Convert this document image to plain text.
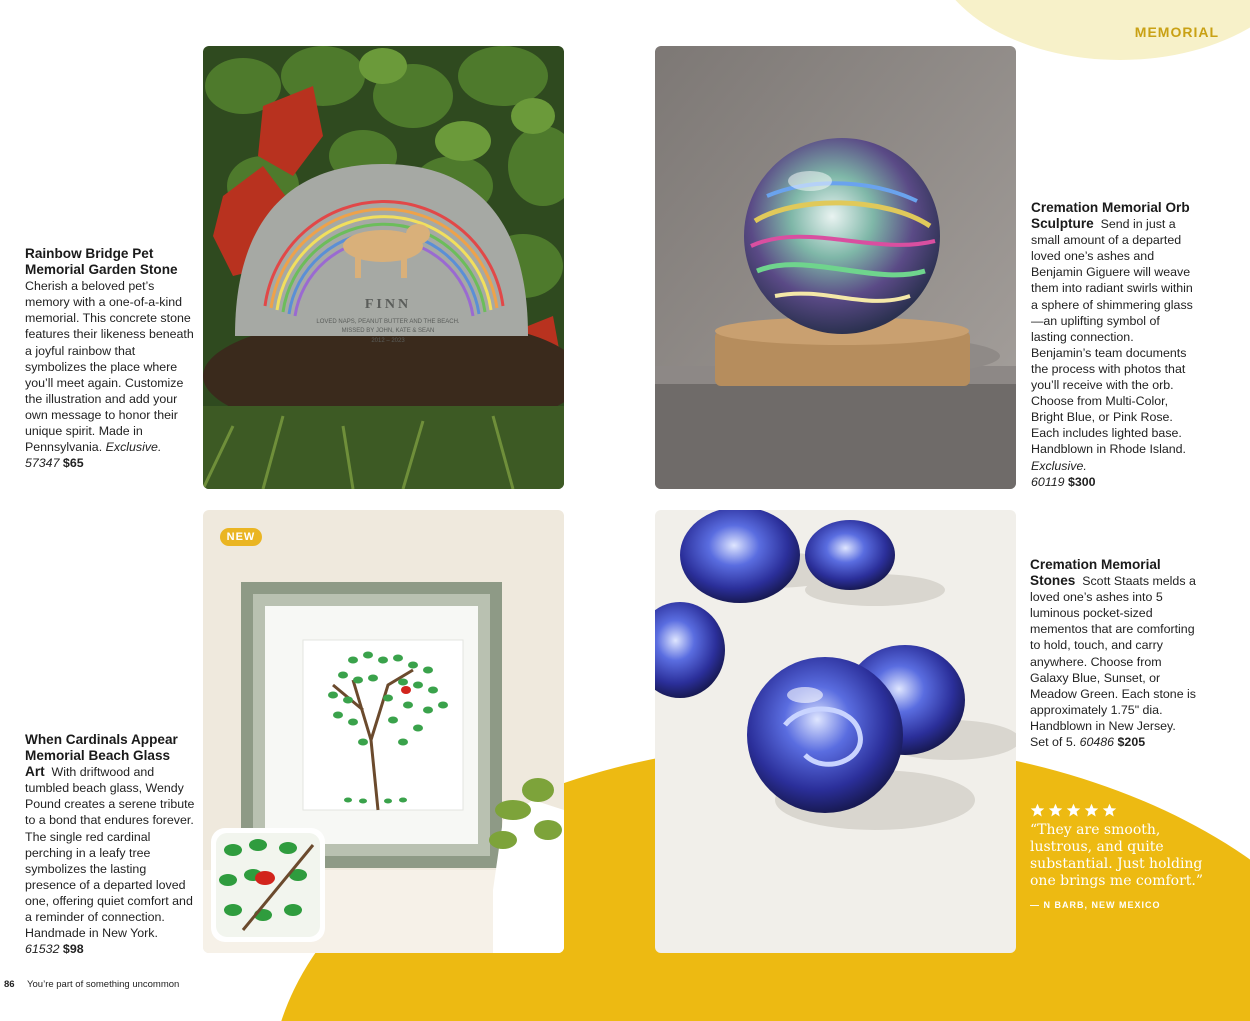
MEMORIAL
Rainbow Bridge Pet Memorial Garden Stone  Cherish a beloved pet’s memory with a one-of-a-kind memorial. This concrete stone features their likeness beneath a joyful rainbow that symbolizes the place where you’ll meet again. Customize the illustration and add your own message to honor their unique spirit. Made in Pennsylvania. Exclusive.
57347 $65
FINN
LOVED NAPS, PEANUT BUTTER AND THE BEACH.
MISSED BY JOHN, KATE & SEAN
2012 – 2023
Cremation Memorial Orb Sculpture Send in just a small amount of a departed loved one’s ashes and Benjamin Giguere will weave them into radiant swirls within a sphere of shimmering glass—an uplifting symbol of lasting connection. Benjamin’s team documents the process with photos that you’ll receive with the orb. Choose from Multi-Color, Bright Blue, or Pink Rose. Each includes lighted base. Handblown in Rhode Island. Exclusive.
60119 $300
When Cardinals Appear Memorial Beach Glass Art With driftwood and tumbled beach glass, Wendy Pound creates a serene tribute to a bond that endures forever. The single red cardinal perching in a leafy tree symbolizes the lasting presence of a departed loved one, offering quiet comfort and a reminder of connection. Handmade in New York. 61532 $98
NEW
Cremation Memorial Stones Scott Staats melds a loved one’s ashes into 5 luminous pocket-sized mementos that are comforting to hold, touch, and carry anywhere. Choose from Galaxy Blue, Sunset, or Meadow Green. Each stone is approximately 1.75" dia. Handblown in New Jersey. Set of 5. 60486 $205
“They are smooth, lustrous, and quite substantial. Just holding one brings me comfort.”
— N BARB, NEW MEXICO
86 You’re part of something uncommon
